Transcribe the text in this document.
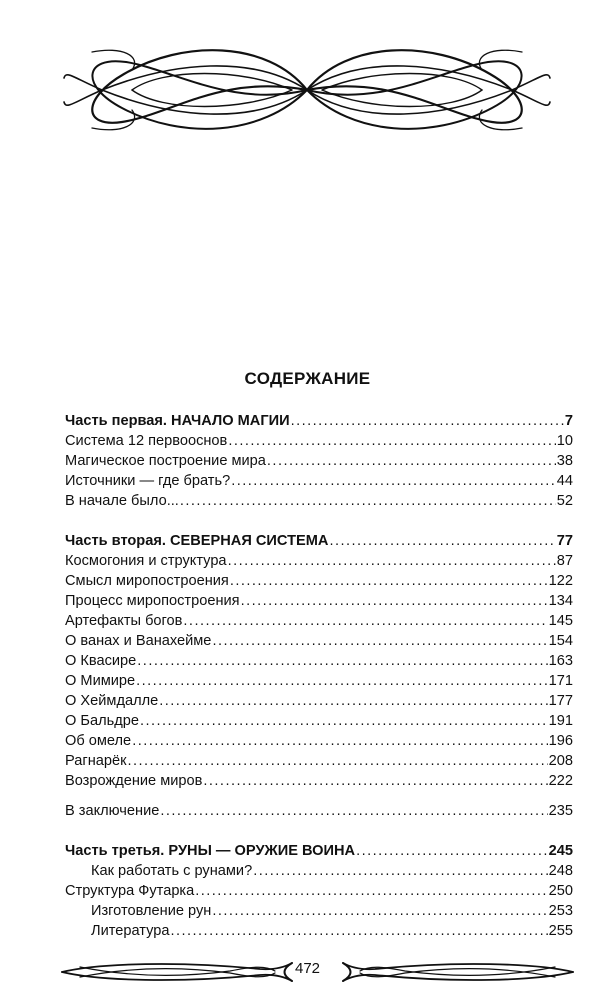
СОДЕРЖАНИЕ
Часть первая. НАЧАЛО МАГИИ . . .	7
Система 12 первооснов . . .	10
Магическое построение мира . . .	38
Источники — где брать? . . .	44
В начале было... . . .	52
Часть вторая. СЕВЕРНАЯ СИСТЕМА . . .	77
Космогония и структура . . .	87
Смысл миропостроения . . .	122
Процесс миропостроения . . .	134
Артефакты богов . . .	145
О ванах и Ванахейме . . .	154
О Квасире . . .	163
О Мимире . . .	171
О Хеймдалле . . .	177
О Бальдре . . .	191
Об омеле . . .	196
Рагнарёк . . .	208
Возрождение миров . . .	222
В заключение . . .	235
Часть третья. РУНЫ — ОРУЖИЕ ВОИНА . . .	245
Как работать с рунами? . . .	248
Структура Футарка . . .	250
Изготовление рун . . .	253
Литература . . .	255
472
